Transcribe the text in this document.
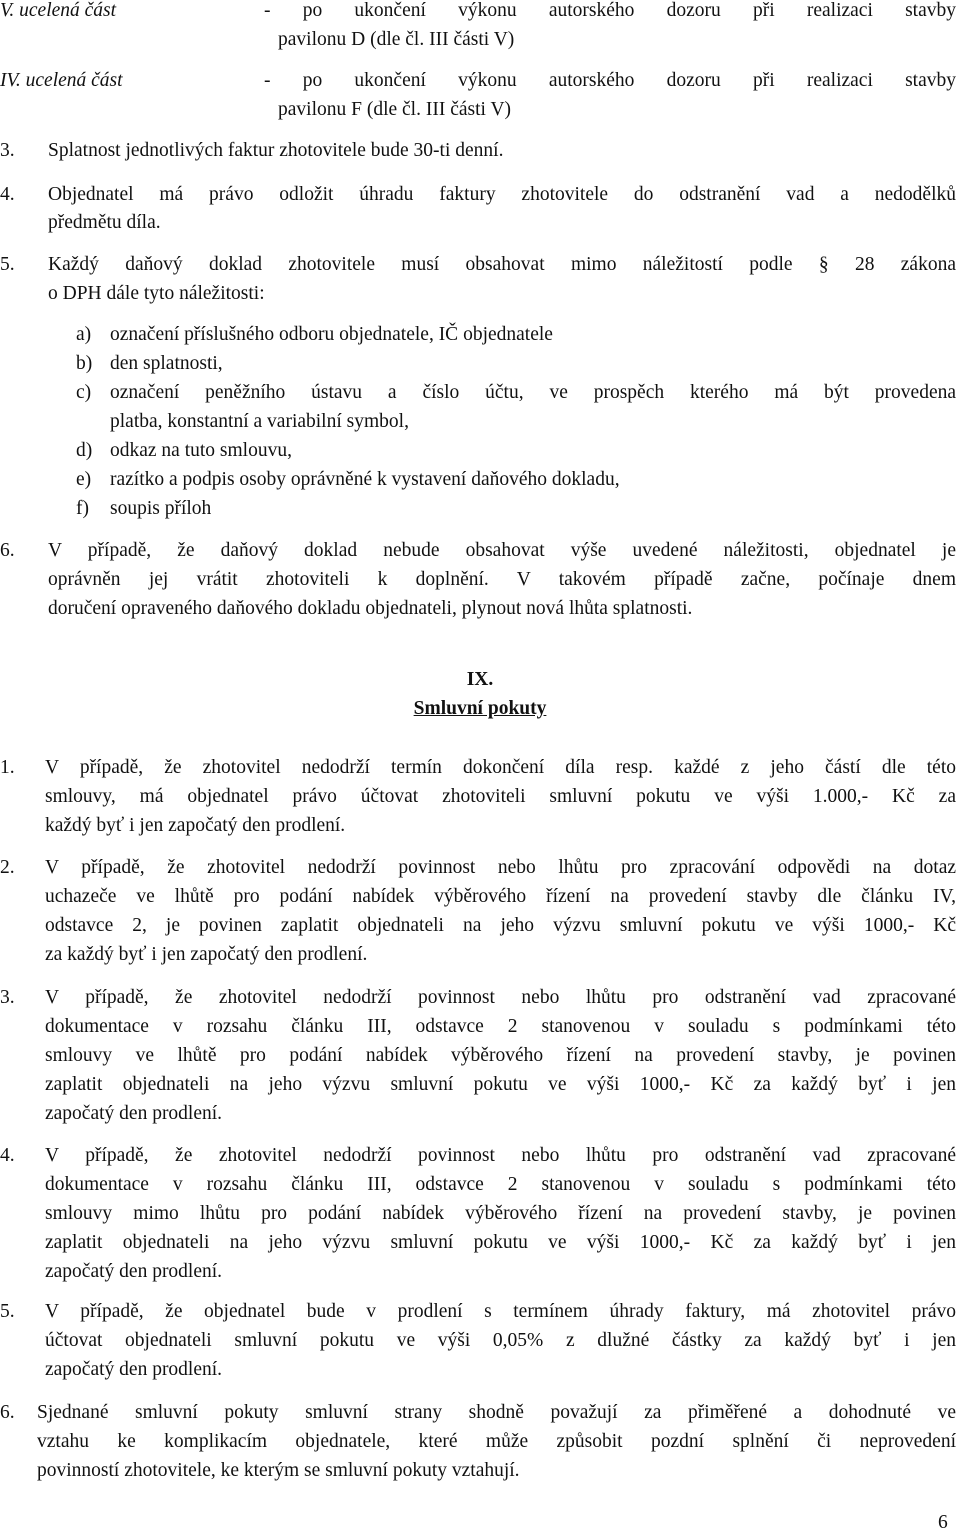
V. ucelená část	- po ukončení výkonu autorského dozoru při realizaci stavby
pavilonu D (dle čl. III části V)
IV. ucelená část	- po ukončení výkonu autorského dozoru při realizaci stavby
pavilonu F (dle čl. III části V)
3. Splatnost jednotlivých faktur zhotovitele bude 30-ti denní.
4. Objednatel má právo odložit úhradu faktury zhotovitele do odstranění vad a nedodělků
předmětu díla.
5. Každý daňový doklad zhotovitele musí obsahovat mimo náležitostí podle § 28 zákona
o DPH dále tyto náležitosti:
a) označení příslušného odboru objednatele, IČ objednatele
b) den splatnosti,
c) označení peněžního ústavu a číslo účtu, ve prospěch kterého má být provedena
platba, konstantní a variabilní symbol,
d) odkaz na tuto smlouvu,
e) razítko a podpis osoby oprávněné k vystavení daňového dokladu,
f) soupis příloh
6. V případě, že daňový doklad nebude obsahovat výše uvedené náležitosti, objednatel je
oprávněn jej vrátit zhotoviteli k doplnění. V takovém případě začne, počínaje dnem
doručení opraveného daňového dokladu objednateli, plynout nová lhůta splatnosti.
IX.
Smluvní pokuty
1. V případě, že zhotovitel nedodrží termín dokončení díla resp. každé z jeho částí dle této
smlouvy, má objednatel právo účtovat zhotoviteli smluvní pokutu ve výši 1.000,- Kč za
každý byť i jen započatý den prodlení.
2. V případě, že zhotovitel nedodrží povinnost nebo lhůtu pro zpracování odpovědi na dotaz
uchazeče ve lhůtě pro podání nabídek výběrového řízení na provedení stavby dle článku IV,
odstavce 2, je povinen zaplatit objednateli na jeho výzvu smluvní pokutu ve výši 1000,- Kč
za každý byť i jen započatý den prodlení.
3. V případě, že zhotovitel nedodrží povinnost nebo lhůtu pro odstranění vad zpracované
dokumentace v rozsahu článku III, odstavce 2 stanovenou v souladu s podmínkami této
smlouvy ve lhůtě pro podání nabídek výběrového řízení na provedení stavby, je povinen
zaplatit objednateli na jeho výzvu smluvní pokutu ve výši 1000,- Kč za každý byť i jen
započatý den prodlení.
4. V případě, že zhotovitel nedodrží povinnost nebo lhůtu pro odstranění vad zpracované
dokumentace v rozsahu článku III, odstavce 2 stanovenou v souladu s podmínkami této
smlouvy mimo lhůtu pro podání nabídek výběrového řízení na provedení stavby, je povinen
zaplatit objednateli na jeho výzvu smluvní pokutu ve výši 1000,- Kč za každý byť i jen
započatý den prodlení.
5. V případě, že objednatel bude v prodlení s termínem úhrady faktury, má zhotovitel právo
účtovat objednateli smluvní pokutu ve výši 0,05% z dlužné částky za každý byť i jen
započatý den prodlení.
6. Sjednané smluvní pokuty smluvní strany shodně považují za přiměřené a dohodnuté ve
vztahu ke komplikacím objednatele, které může způsobit pozdní splnění či neprovedení
povinností zhotovitele, ke kterým se smluvní pokuty vztahují.
6
